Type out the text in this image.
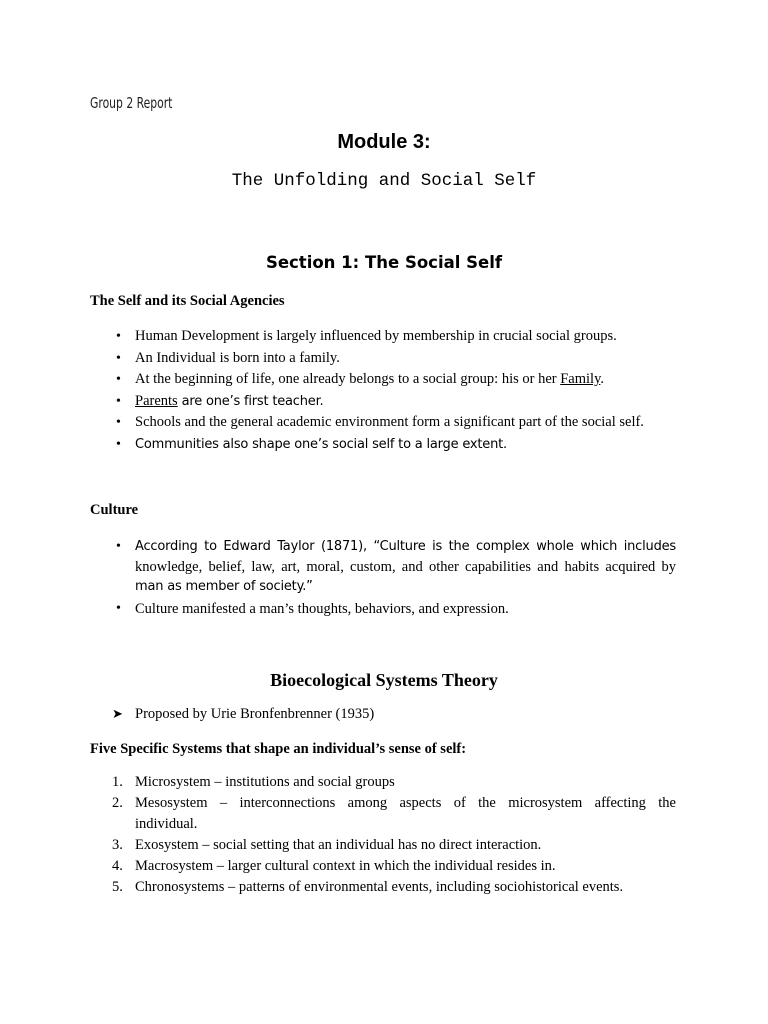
Group 2 Report
Module 3:
The Unfolding and Social Self
Section 1: The Social Self
The Self and its Social Agencies
• Human Development is largely influenced by membership in crucial social groups.
• An Individual is born into a family.
• At the beginning of life, one already belongs to a social group: his or her Family.
• Parents are one’s first teacher.
• Schools and the general academic environment form a significant part of the social self.
• Communities also shape one’s social self to a large extent.
Culture
• According to Edward Taylor (1871), “Culture is the complex whole which includes
knowledge, belief, law, art, moral, custom, and other capabilities and habits acquired by
man as member of society.”
• Culture manifested a man’s thoughts, behaviors, and expression.
Bioecological Systems Theory
➤ Proposed by Urie Bronfenbrenner (1935)
Five Specific Systems that shape an individual’s sense of self:
1. Microsystem – institutions and social groups
2. Mesosystem – interconnections among aspects of the microsystem affecting the
individual.
3. Exosystem – social setting that an individual has no direct interaction.
4. Macrosystem – larger cultural context in which the individual resides in.
5. Chronosystems – patterns of environmental events, including sociohistorical events.
